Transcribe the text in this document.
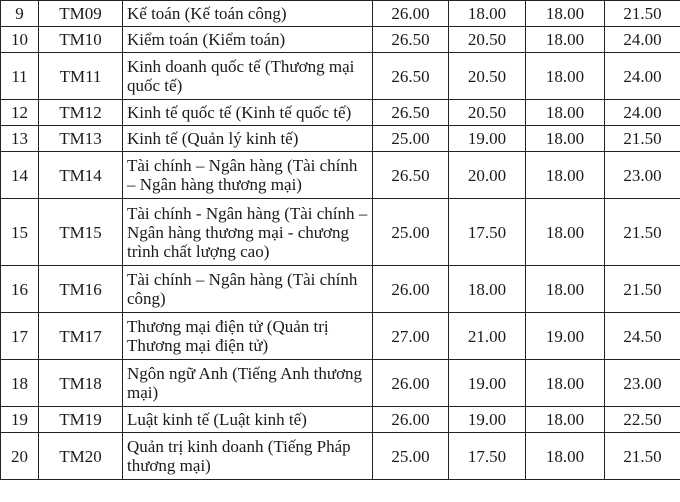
9	TM09	Kế toán (Kế toán công)	26.00	18.00	18.00	21.50
10	TM10	Kiểm toán (Kiểm toán)	26.50	20.50	18.00	24.00
11	TM11	Kinh doanh quốc tế (Thương mại quốc tế)	26.50	20.50	18.00	24.00
12	TM12	Kinh tế quốc tế (Kinh tế quốc tế)	26.50	20.50	18.00	24.00
13	TM13	Kinh tế (Quản lý kinh tế)	25.00	19.00	18.00	21.50
14	TM14	Tài chính – Ngân hàng (Tài chính – Ngân hàng thương mại)	26.50	20.00	18.00	23.00
15	TM15	Tài chính - Ngân hàng (Tài chính – Ngân hàng thương mại - chương trình chất lượng cao)	25.00	17.50	18.00	21.50
16	TM16	Tài chính – Ngân hàng (Tài chính công)	26.00	18.00	18.00	21.50
17	TM17	Thương mại điện tử (Quản trị Thương mại điện tử)	27.00	21.00	19.00	24.50
18	TM18	Ngôn ngữ Anh (Tiếng Anh thương mại)	26.00	19.00	18.00	23.00
19	TM19	Luật kinh tế (Luật kinh tế)	26.00	19.00	18.00	22.50
20	TM20	Quản trị kinh doanh (Tiếng Pháp thương mại)	25.00	17.50	18.00	21.50
